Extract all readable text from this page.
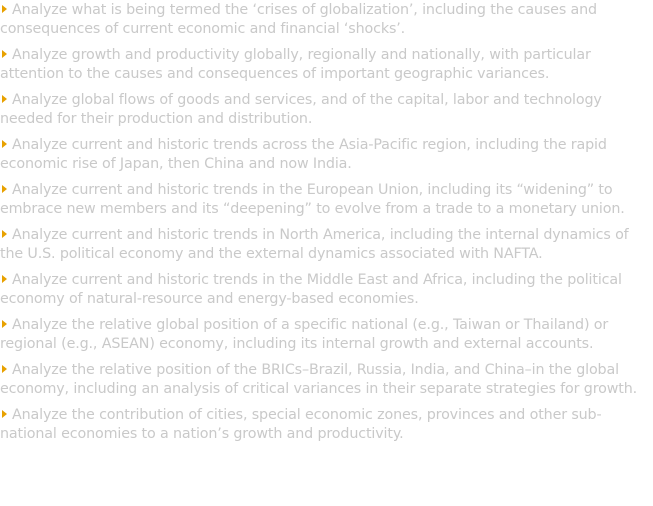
Analyze what is being termed the ‘crises of globalization’, including the causes and consequences of current economic and financial ‘shocks’.
Analyze growth and productivity globally, regionally and nationally, with particular attention to the causes and consequences of important geographic variances.
Analyze global flows of goods and services, and of the capital, labor and technology needed for their production and distribution.
Analyze current and historic trends across the Asia-Pacific region, including the rapid economic rise of Japan, then China and now India.
Analyze current and historic trends in the European Union, including its “widening” to embrace new members and its “deepening” to evolve from a trade to a monetary union.
Analyze current and historic trends in North America, including the internal dynamics of the U.S. political economy and the external dynamics associated with NAFTA.
Analyze current and historic trends in the Middle East and Africa, including the political economy of natural-resource and energy-based economies.
Analyze the relative global position of a specific national (e.g., Taiwan or Thailand) or regional (e.g., ASEAN) economy, including its internal growth and external accounts.
Analyze the relative position of the BRICs–Brazil, Russia, India, and China–in the global economy, including an analysis of critical variances in their separate strategies for growth.
Analyze the contribution of cities, special economic zones, provinces and other sub-national economies to a nation’s growth and productivity.
